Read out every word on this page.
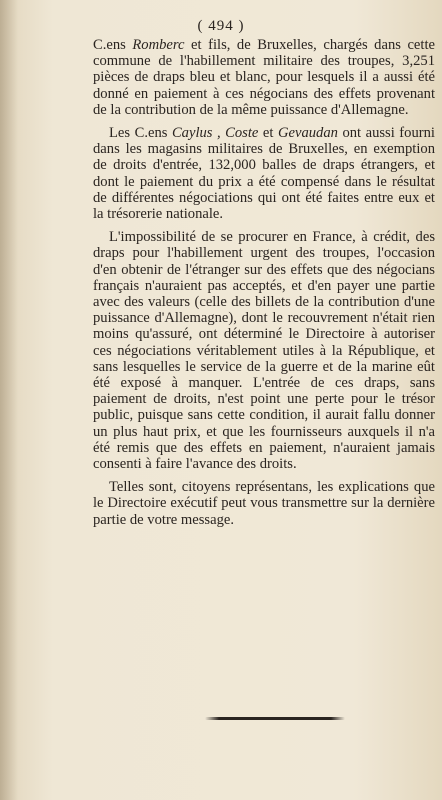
( 494 )

C.ens Romberc et fils, de Bruxelles, chargés dans cette commune de l'habillement militaire des troupes, 3,251 pièces de draps bleu et blanc, pour lesquels il a aussi été donné en paiement à ces négocians des effets provenant de la contribution de la même puissance d'Allemagne.

Les C.ens Caylus , Coste et Gevaudan ont aussi fourni dans les magasins militaires de Bruxelles, en exemption de droits d'entrée, 132,000 balles de draps étrangers, et dont le paiement du prix a été compensé dans le résultat de différentes négociations qui ont été faites entre eux et la trésorerie nationale.

L'impossibilité de se procurer en France, à crédit, des draps pour l'habillement urgent des troupes, l'occasion d'en obtenir de l'étranger sur des effets que des négocians français n'auraient pas acceptés, et d'en payer une partie avec des valeurs (celle des billets de la contribution d'une puissance d'Allemagne), dont le recouvrement n'était rien moins qu'assuré, ont déterminé le Directoire à autoriser ces négociations véritablement utiles à la République, et sans lesquelles le service de la guerre et de la marine eût été exposé à manquer. L'entrée de ces draps, sans paiement de droits, n'est point une perte pour le trésor public, puisque sans cette condition, il aurait fallu donner un plus haut prix, et que les fournisseurs auxquels il n'a été remis que des effets en paiement, n'auraient jamais consenti à faire l'avance des droits.

Telles sont, citoyens représentans, les explications que le Directoire exécutif peut vous transmettre sur la dernière partie de votre message.
